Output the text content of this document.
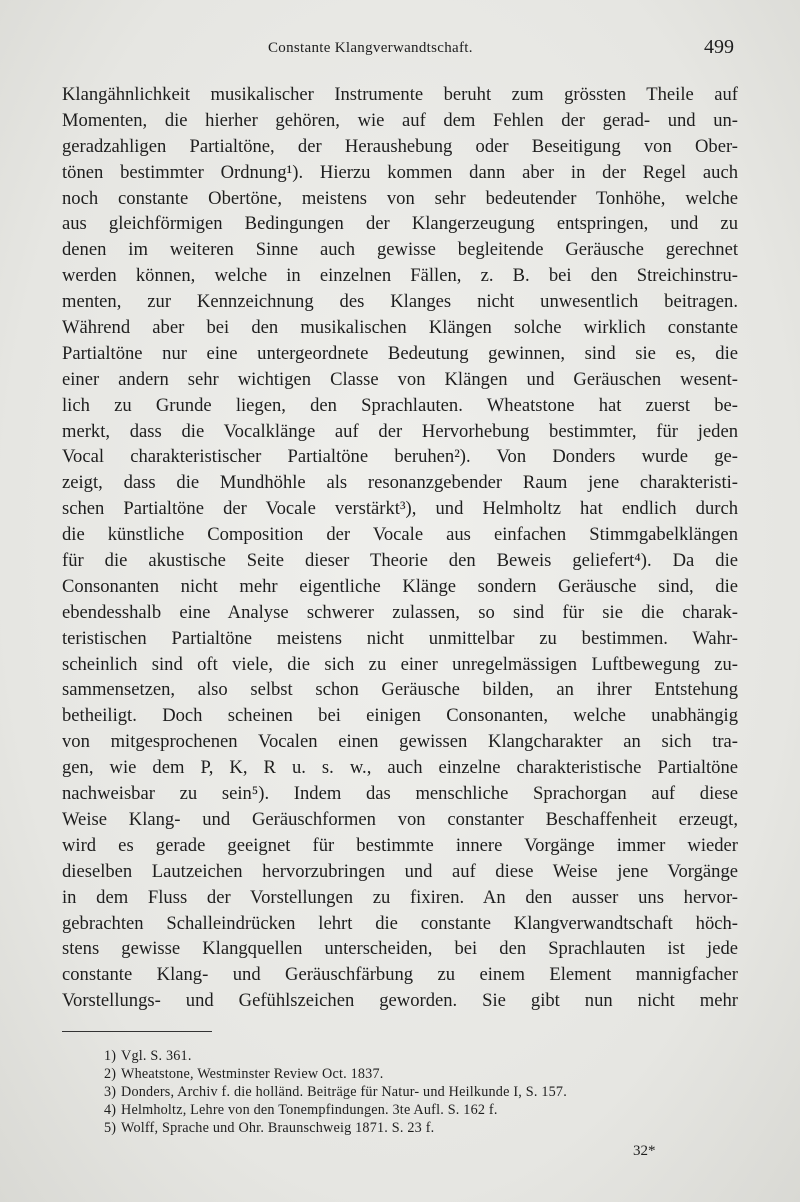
Constante Klangverwandtschaft.	499
Klangähnlichkeit musikalischer Instrumente beruht zum grössten Theile auf
Momenten, die hierher gehören, wie auf dem Fehlen der gerad- und un-
geradzahligen Partialtöne, der Heraushebung oder Beseitigung von Ober-
tönen bestimmter Ordnung¹). Hierzu kommen dann aber in der Regel auch
noch constante Obertöne, meistens von sehr bedeutender Tonhöhe, welche
aus gleichförmigen Bedingungen der Klangerzeugung entspringen, und zu
denen im weiteren Sinne auch gewisse begleitende Geräusche gerechnet
werden können, welche in einzelnen Fällen, z. B. bei den Streichinstru-
menten, zur Kennzeichnung des Klanges nicht unwesentlich beitragen.
Während aber bei den musikalischen Klängen solche wirklich constante
Partialtöne nur eine untergeordnete Bedeutung gewinnen, sind sie es, die
einer andern sehr wichtigen Classe von Klängen und Geräuschen wesent-
lich zu Grunde liegen, den Sprachlauten. Wheatstone hat zuerst be-
merkt, dass die Vocalklänge auf der Hervorhebung bestimmter, für jeden
Vocal charakteristischer Partialtöne beruhen²). Von Donders wurde ge-
zeigt, dass die Mundhöhle als resonanzgebender Raum jene charakteristi-
schen Partialtöne der Vocale verstärkt³), und Helmholtz hat endlich durch
die künstliche Composition der Vocale aus einfachen Stimmgabelklängen
für die akustische Seite dieser Theorie den Beweis geliefert⁴). Da die
Consonanten nicht mehr eigentliche Klänge sondern Geräusche sind, die
ebendesshalb eine Analyse schwerer zulassen, so sind für sie die charak-
teristischen Partialtöne meistens nicht unmittelbar zu bestimmen. Wahr-
scheinlich sind oft viele, die sich zu einer unregelmässigen Luftbewegung zu-
sammensetzen, also selbst schon Geräusche bilden, an ihrer Entstehung
betheiligt. Doch scheinen bei einigen Consonanten, welche unabhängig
von mitgesprochenen Vocalen einen gewissen Klangcharakter an sich tra-
gen, wie dem P, K, R u. s. w., auch einzelne charakteristische Partialtöne
nachweisbar zu sein⁵). Indem das menschliche Sprachorgan auf diese
Weise Klang- und Geräuschformen von constanter Beschaffenheit erzeugt,
wird es gerade geeignet für bestimmte innere Vorgänge immer wieder
dieselben Lautzeichen hervorzubringen und auf diese Weise jene Vorgänge
in dem Fluss der Vorstellungen zu fixiren. An den ausser uns hervor-
gebrachten Schalleindrücken lehrt die constante Klangverwandtschaft höch-
stens gewisse Klangquellen unterscheiden, bei den Sprachlauten ist jede
constante Klang- und Geräuschfärbung zu einem Element mannigfacher
Vorstellungs- und Gefühlszeichen geworden. Sie gibt nun nicht mehr
1) Vgl. S. 361.
2) Wheatstone, Westminster Review Oct. 1837.
3) Donders, Archiv f. die holländ. Beiträge für Natur- und Heilkunde I, S. 157.
4) Helmholtz, Lehre von den Tonempfindungen. 3te Aufl. S. 162 f.
5) Wolff, Sprache und Ohr. Braunschweig 1871. S. 23 f.
32*
